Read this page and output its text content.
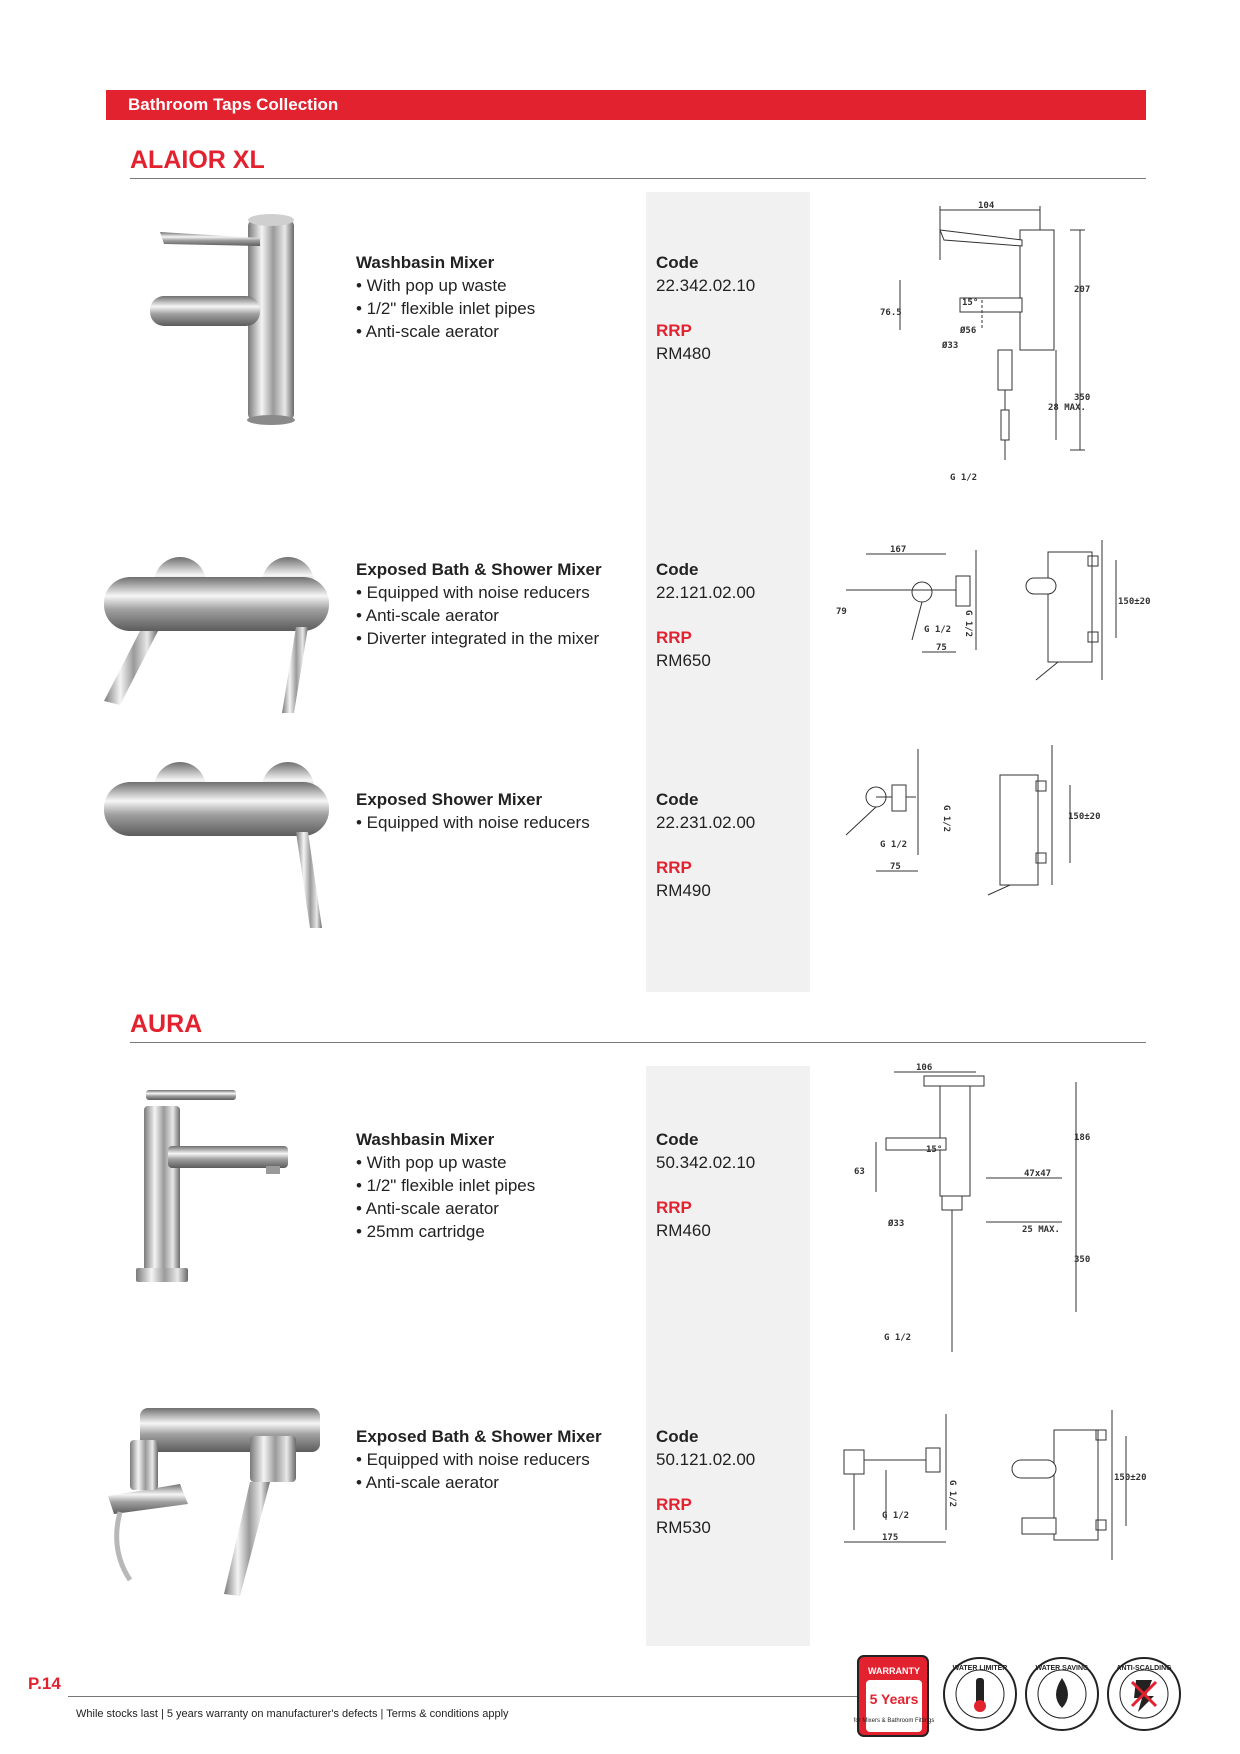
Bathroom Taps Collection
ALAIOR XL
AURA
Washbasin Mixer
• With pop up waste
• 1/2" flexible inlet pipes
• Anti-scale aerator
Code
22.342.02.10
RRP
RM480
Exposed Bath & Shower Mixer
• Equipped with noise reducers
• Anti-scale aerator
• Diverter integrated in the mixer
Code
22.121.02.00
RRP
RM650
Exposed Shower Mixer
• Equipped with noise reducers
Code
22.231.02.00
RRP
RM490
Washbasin Mixer
• With pop up waste
• 1/2" flexible inlet pipes
• Anti-scale aerator
• 25mm cartridge
Code
50.342.02.10
RRP
RM460
Exposed Bath & Shower Mixer
• Equipped with noise reducers
• Anti-scale aerator
Code
50.121.02.00
RRP
RM530
104
207
350
76.5
15°
Ø56
Ø33
28 MAX.
G 1/2
167
79
G 1/2
75
G 1/2
150±20
G 1/2
75
G 1/2	150±20
106
186
350
63
15°
47x47
Ø33
25 MAX.
G 1/2
G 1/2
175
G 1/2
150±20
P.14
While stocks last | 5 years warranty on manufacturer's defects | Terms & conditions apply
WARRANTY
5 Years
for Mixers & Bathroom Fittings
WATER LIMITER	WATER SAVING	ANTI-SCALDING
